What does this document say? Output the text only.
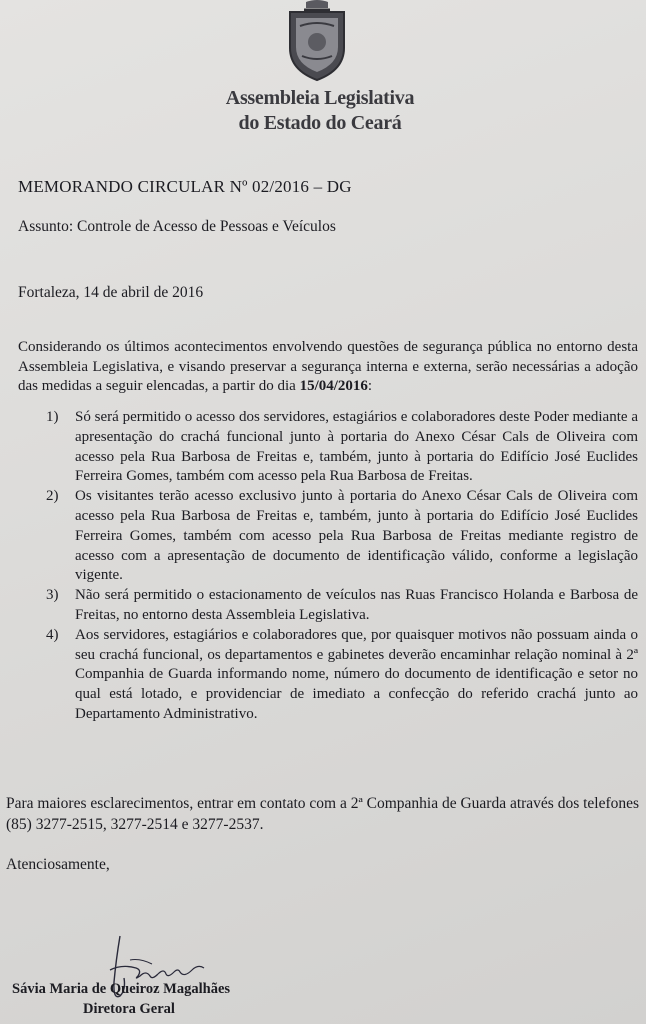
Assembleia Legislativa
do Estado do Ceará
MEMORANDO CIRCULAR Nº 02/2016 – DG
Assunto: Controle de Acesso de Pessoas e Veículos
Fortaleza, 14 de abril de 2016

Considerando os últimos acontecimentos envolvendo questões de segurança pública no entorno desta Assembleia Legislativa, e visando preservar a segurança interna e externa, serão necessárias a adoção das medidas a seguir elencadas, a partir do dia 15/04/2016:

1) Só será permitido o acesso dos servidores, estagiários e colaboradores deste Poder mediante a apresentação do crachá funcional junto à portaria do Anexo César Cals de Oliveira com acesso pela Rua Barbosa de Freitas e, também, junto à portaria do Edifício José Euclides Ferreira Gomes, também com acesso pela Rua Barbosa de Freitas.
2) Os visitantes terão acesso exclusivo junto à portaria do Anexo César Cals de Oliveira com acesso pela Rua Barbosa de Freitas e, também, junto à portaria do Edifício José Euclides Ferreira Gomes, também com acesso pela Rua Barbosa de Freitas mediante registro de acesso com a apresentação de documento de identificação válido, conforme a legislação vigente.
3) Não será permitido o estacionamento de veículos nas Ruas Francisco Holanda e Barbosa de Freitas, no entorno desta Assembleia Legislativa.
4) Aos servidores, estagiários e colaboradores que, por quaisquer motivos não possuam ainda o seu crachá funcional, os departamentos e gabinetes deverão encaminhar relação nominal à 2ª Companhia de Guarda informando nome, número do documento de identificação e setor no qual está lotado, e providenciar de imediato a confecção do referido crachá junto ao Departamento Administrativo.
Para maiores esclarecimentos, entrar em contato com a 2ª Companhia de Guarda através dos telefones (85) 3277-2515, 3277-2514 e 3277-2537.
Atenciosamente,
Sávia Maria de Queiroz Magalhães
Diretora Geral
